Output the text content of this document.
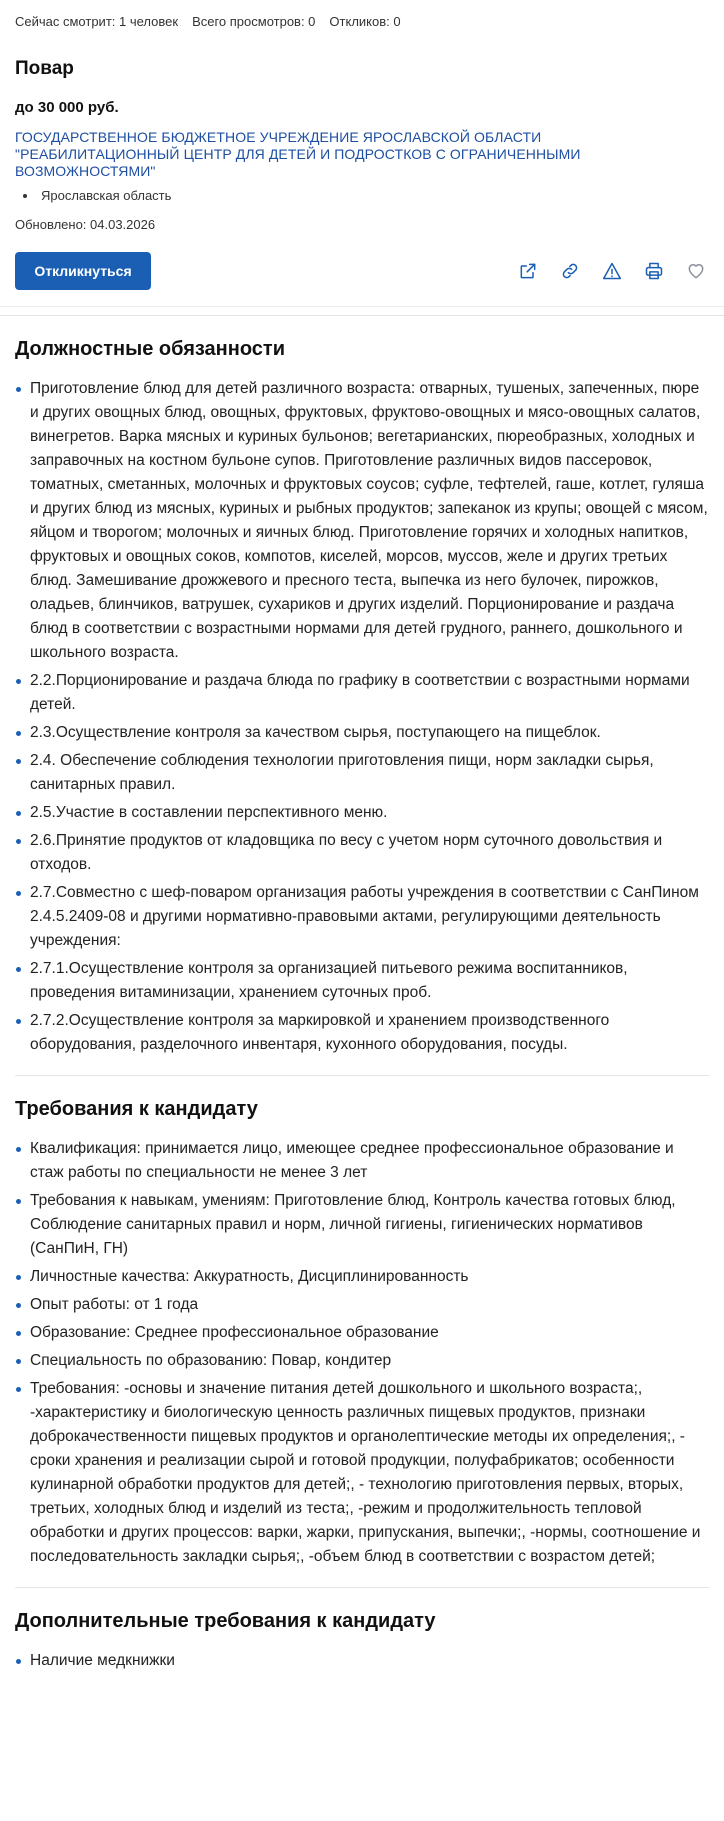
Сейчас смотрит: 1 человек Всего просмотров: 0 Откликов: 0
Повар
до 30 000 руб.
ГОСУДАРСТВЕННОЕ БЮДЖЕТНОЕ УЧРЕЖДЕНИЕ ЯРОСЛАВСКОЙ ОБЛАСТИ "РЕАБИЛИТАЦИОННЫЙ ЦЕНТР ДЛЯ ДЕТЕЙ И ПОДРОСТКОВ С ОГРАНИЧЕННЫМИ ВОЗМОЖНОСТЯМИ"
Ярославская область
Обновлено: 04.03.2026
Откликнуться
Должностные обязанности
Приготовление блюд для детей различного возраста: отварных, тушеных, запеченных, пюре и других овощных блюд, овощных, фруктовых, фруктово-овощных и мясо-овощных салатов, винегретов. Варка мясных и куриных бульонов; вегетарианских, пюреобразных, холодных и заправочных на костном бульоне супов. Приготовление различных видов пассеровок, томатных, сметанных, молочных и фруктовых соусов; суфле, тефтелей, гаше, котлет, гуляша и других блюд из мясных, куриных и рыбных продуктов; запеканок из крупы; овощей с мясом, яйцом и творогом; молочных и яичных блюд. Приготовление горячих и холодных напитков, фруктовых и овощных соков, компотов, киселей, морсов, муссов, желе и других третьих блюд. Замешивание дрожжевого и пресного теста, выпечка из него булочек, пирожков, оладьев, блинчиков, ватрушек, сухариков и других изделий. Порционирование и раздача блюд в соответствии с возрастными нормами для детей грудного, раннего, дошкольного и школьного возраста.
2.2.Порционирование и раздача блюда по графику в соответствии с возрастными нормами детей.
2.3.Осуществление контроля за качеством сырья, поступающего на пищеблок.
2.4. Обеспечение соблюдения технологии приготовления пищи, норм закладки сырья, санитарных правил.
2.5.Участие в составлении перспективного меню.
2.6.Принятие продуктов от кладовщика по весу с учетом норм суточного довольствия и отходов.
2.7.Совместно с шеф-поваром организация работы учреждения в соответствии с СанПином 2.4.5.2409-08 и другими нормативно-правовыми актами, регулирующими деятельность учреждения:
2.7.1.Осуществление контроля за организацией питьевого режима воспитанников, проведения витаминизации, хранением суточных проб.
2.7.2.Осуществление контроля за маркировкой и хранением производственного оборудования, разделочного инвентаря, кухонного оборудования, посуды.
Требования к кандидату
Квалификация: принимается лицо, имеющее среднее профессиональное образование и стаж работы по специальности не менее 3 лет
Требования к навыкам, умениям: Приготовление блюд, Контроль качества готовых блюд, Соблюдение санитарных правил и норм, личной гигиены, гигиенических нормативов (СанПиН, ГН)
Личностные качества: Аккуратность, Дисциплинированность
Опыт работы: от 1 года
Образование: Среднее профессиональное образование
Специальность по образованию: Повар, кондитер
Требования: -основы и значение питания детей дошкольного и школьного возраста;, -характеристику и биологическую ценность различных пищевых продуктов, признаки доброкачественности пищевых продуктов и органолептические методы их определения;, - сроки хранения и реализации сырой и готовой продукции, полуфабрикатов; особенности кулинарной обработки продуктов для детей;, - технологию приготовления первых, вторых, третьих, холодных блюд и изделий из теста;, -режим и продолжительность тепловой обработки и других процессов: варки, жарки, припускания, выпечки;, -нормы, соотношение и последовательность закладки сырья;, -объем блюд в соответствии с возрастом детей;
Дополнительные требования к кандидату
Наличие медкнижки
